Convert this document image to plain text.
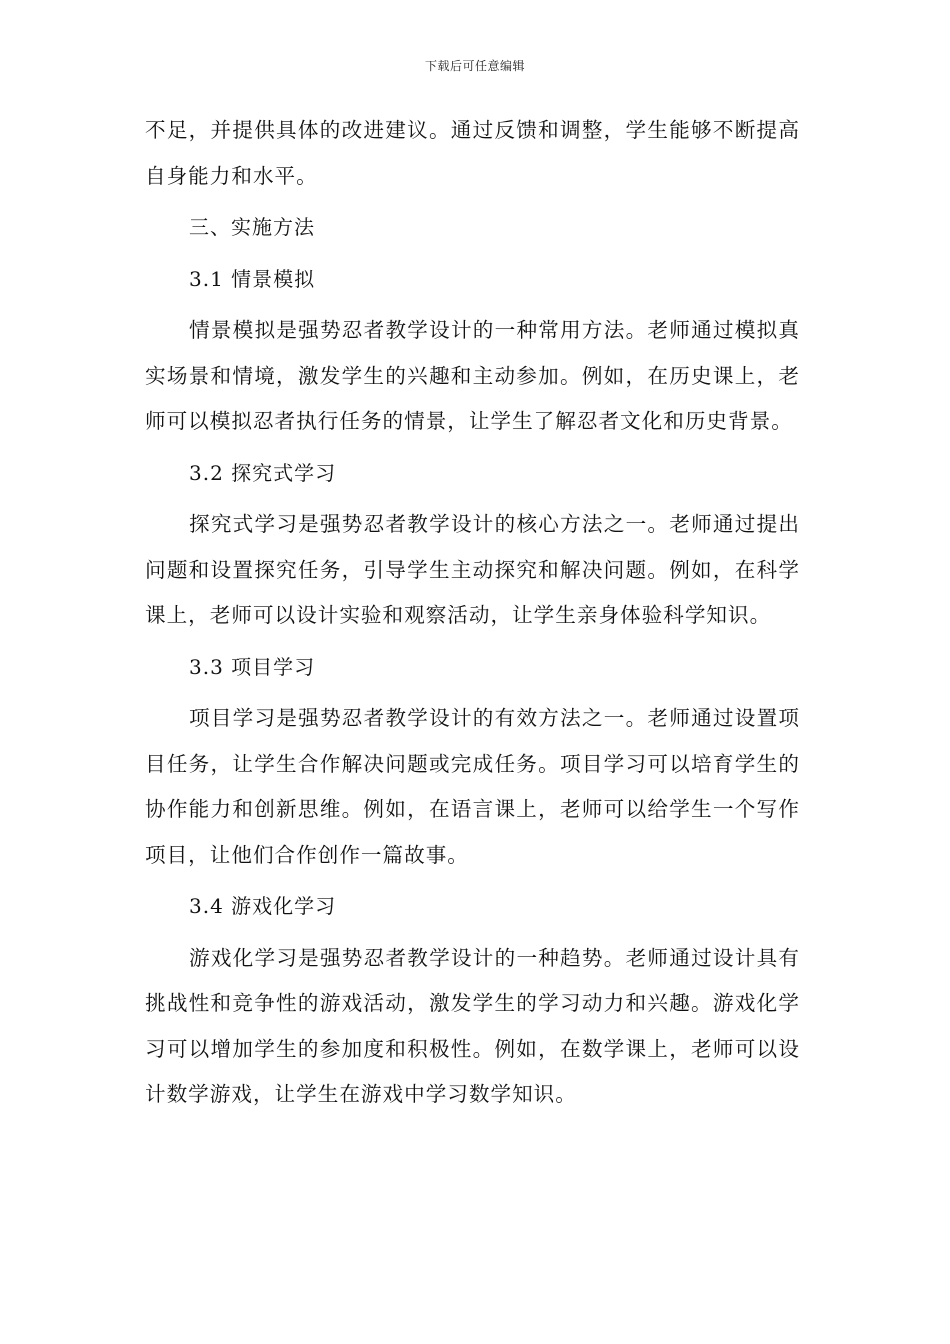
下载后可任意编辑

不足，并提供具体的改进建议。通过反馈和调整，学生能够不断提高自身能力和水平。

三、实施方法

3.1 情景模拟

情景模拟是强势忍者教学设计的一种常用方法。老师通过模拟真实场景和情境，激发学生的兴趣和主动参加。例如，在历史课上，老师可以模拟忍者执行任务的情景，让学生了解忍者文化和历史背景。

3.2 探究式学习

探究式学习是强势忍者教学设计的核心方法之一。老师通过提出问题和设置探究任务，引导学生主动探究和解决问题。例如，在科学课上，老师可以设计实验和观察活动，让学生亲身体验科学知识。

3.3 项目学习

项目学习是强势忍者教学设计的有效方法之一。老师通过设置项目任务，让学生合作解决问题或完成任务。项目学习可以培育学生的协作能力和创新思维。例如，在语言课上，老师可以给学生一个写作项目，让他们合作创作一篇故事。

3.4 游戏化学习

游戏化学习是强势忍者教学设计的一种趋势。老师通过设计具有挑战性和竞争性的游戏活动，激发学生的学习动力和兴趣。游戏化学习可以增加学生的参加度和积极性。例如，在数学课上，老师可以设计数学游戏，让学生在游戏中学习数学知识。
